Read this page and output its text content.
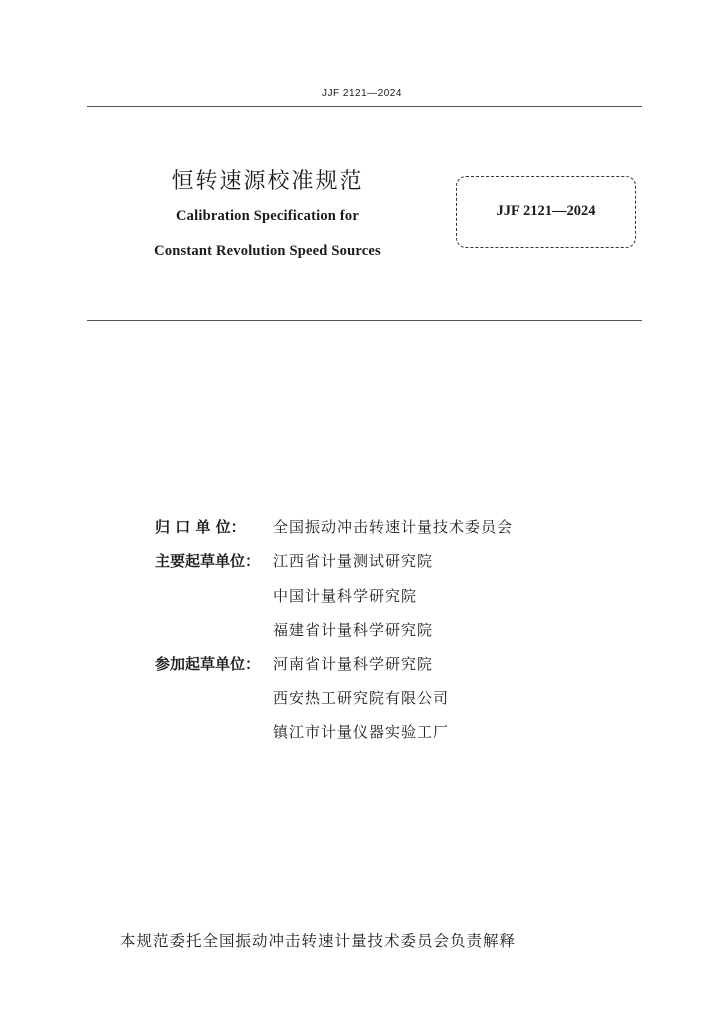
JJF 2121—2024
恒转速源校准规范
Calibration Specification for
Constant Revolution Speed Sources
JJF 2121—2024
归 口 单 位： 全国振动冲击转速计量技术委员会
主要起草单位： 江西省计量测试研究院
中国计量科学研究院
福建省计量科学研究院
参加起草单位： 河南省计量科学研究院
西安热工研究院有限公司
镇江市计量仪器实验工厂
本规范委托全国振动冲击转速计量技术委员会负责解释
